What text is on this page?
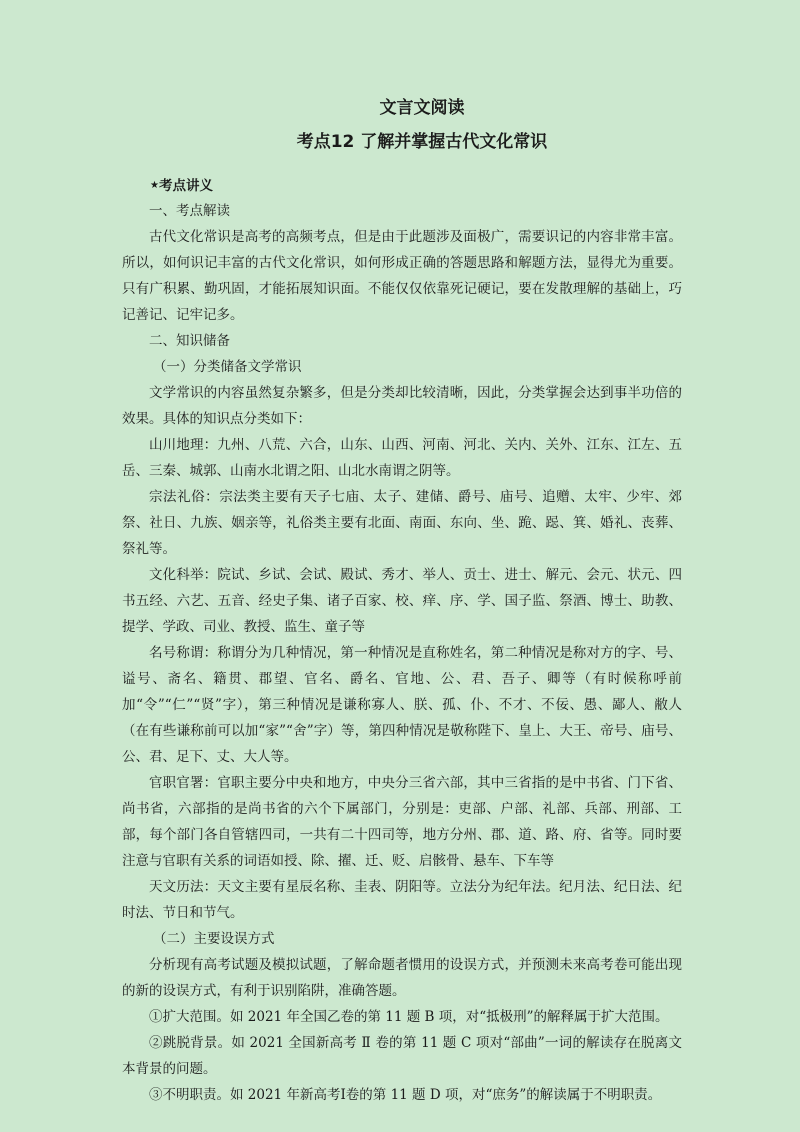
文言文阅读
考点12 了解并掌握古代文化常识
★考点讲义

一、考点解读

古代文化常识是高考的高频考点，但是由于此题涉及面极广，需要识记的内容非常丰富。所以，如何识记丰富的古代文化常识，如何形成正确的答题思路和解题方法，显得尤为重要。只有广积累、勤巩固，才能拓展知识面。不能仅仅依靠死记硬记，要在发散理解的基础上，巧记善记、记牢记多。

二、知识储备

（一）分类储备文学常识

文学常识的内容虽然复杂繁多，但是分类却比较清晰，因此，分类掌握会达到事半功倍的效果。具体的知识点分类如下：

山川地理：九州、八荒、六合，山东、山西、河南、河北、关内、关外、江东、江左、五岳、三秦、城郭、山南水北谓之阳、山北水南谓之阴等。

宗法礼俗：宗法类主要有天子七庙、太子、建储、爵号、庙号、追赠、太牢、少牢、郊祭、社日、九族、姻亲等，礼俗类主要有北面、南面、东向、坐、跪、跽、箕、婚礼、丧葬、祭礼等。

文化科举：院试、乡试、会试、殿试、秀才、举人、贡士、进士、解元、会元、状元、四书五经、六艺、五音、经史子集、诸子百家、校、痒、序、学、国子监、祭酒、博士、助教、提学、学政、司业、教授、监生、童子等

名号称谓：称谓分为几种情况，第一种情况是直称姓名，第二种情况是称对方的字、号、谥号、斋名、籍贯、郡望、官名、爵名、官地、公、君、吾子、卿等（有时候称呼前加“令”“仁”“贤”字），第三种情况是谦称寡人、朕、孤、仆、不才、不佞、愚、鄙人、敝人（在有些谦称前可以加“家”“舍”字）等，第四种情况是敬称陛下、皇上、大王、帝号、庙号、公、君、足下、丈、大人等。

官职官署：官职主要分中央和地方，中央分三省六部，其中三省指的是中书省、门下省、尚书省，六部指的是尚书省的六个下属部门，分别是：吏部、户部、礼部、兵部、刑部、工部，每个部门各自管辖四司，一共有二十四司等，地方分州、郡、道、路、府、省等。同时要注意与官职有关系的词语如授、除、擢、迁、贬、启骸骨、悬车、下车等

天文历法：天文主要有星辰名称、圭表、阴阳等。立法分为纪年法。纪月法、纪日法、纪时法、节日和节气。

（二）主要设误方式

分析现有高考试题及模拟试题，了解命题者惯用的设误方式，并预测未来高考卷可能出现的新的设误方式，有利于识别陷阱，准确答题。

①扩大范围。如 2021 年全国乙卷的第 11 题 B 项，对“抵极刑”的解释属于扩大范围。

②跳脱背景。如 2021 全国新高考 Ⅱ 卷的第 11 题 C 项对“部曲”一词的解读存在脱离文本背景的问题。

③不明职责。如 2021 年新高考Ⅰ卷的第 11 题 D 项，对“庶务”的解读属于不明职责。
